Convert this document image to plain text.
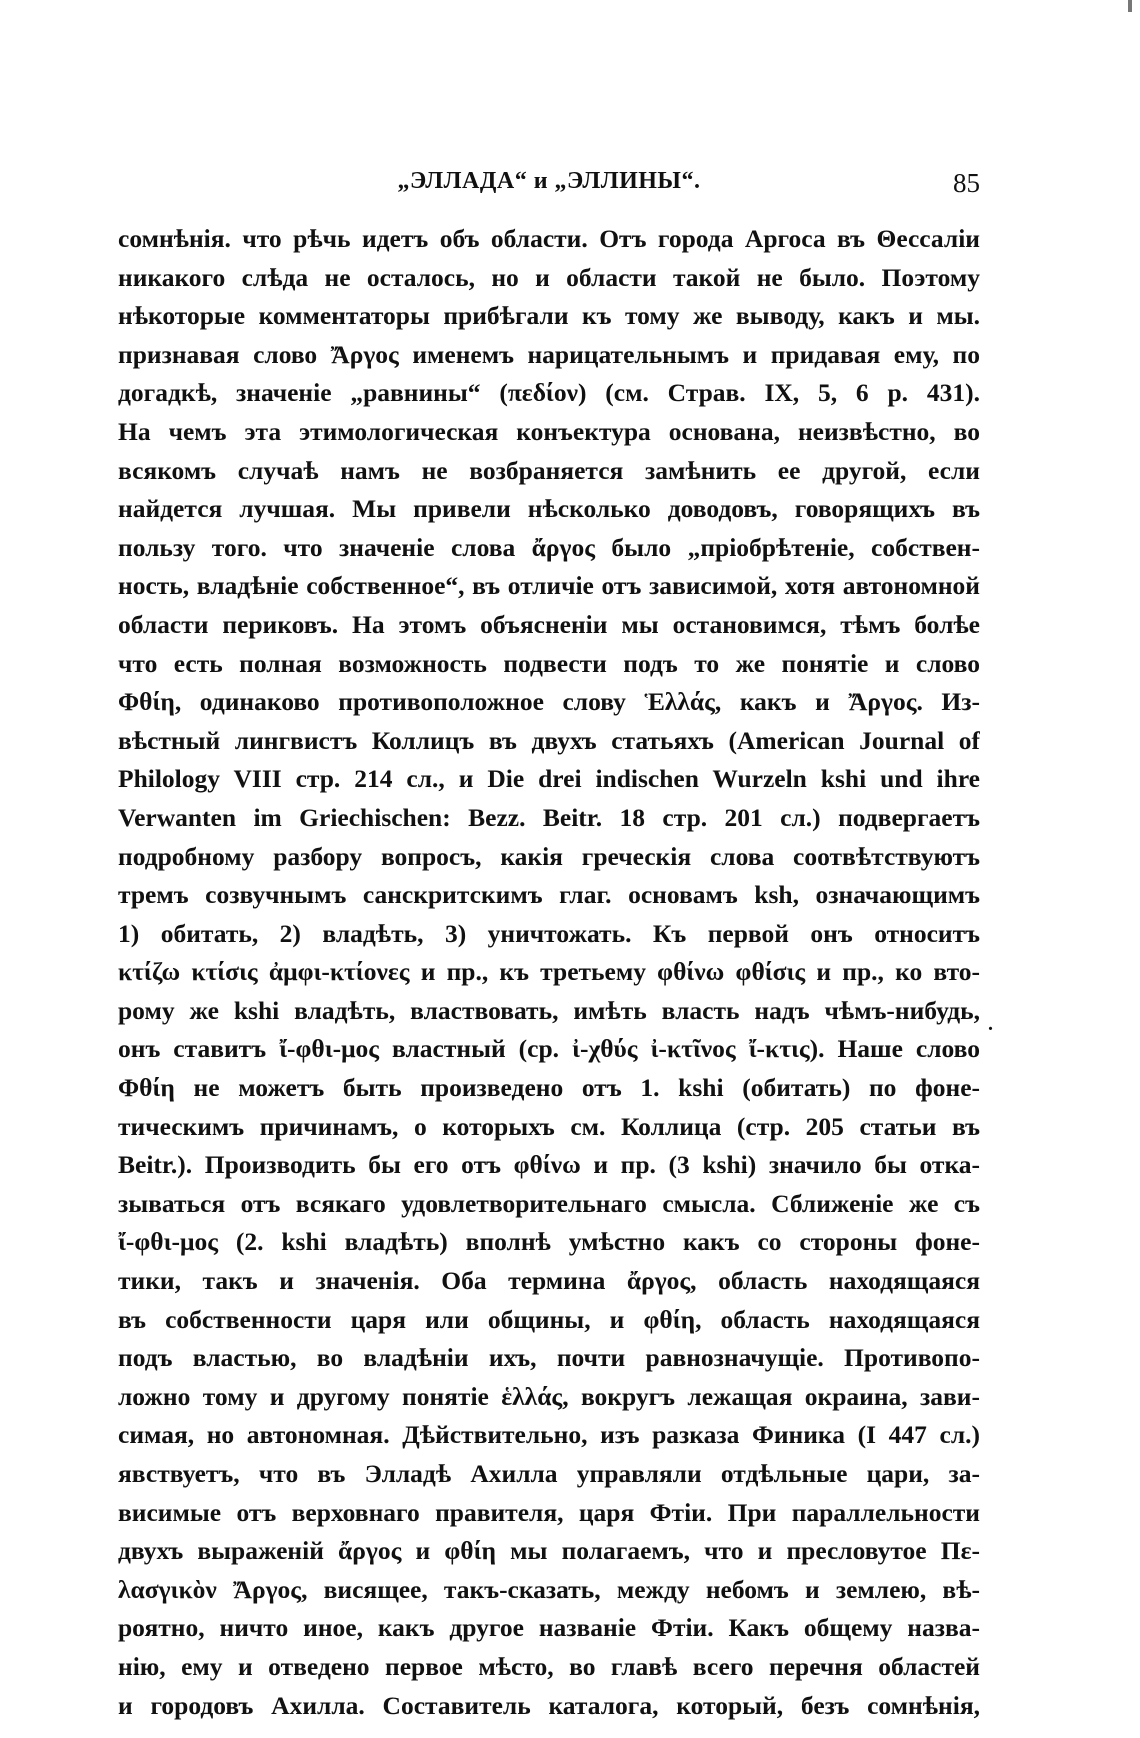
„ЭЛЛАДА“ и „ЭЛЛИНЫ“.	85
сомнѣнія. что рѣчь идетъ объ области. Отъ города Аргоса въ Θессаліи
никакого слѣда не осталось, но и области такой не было. Поэтому
нѣкоторые комментаторы прибѣгали къ тому же выводу, какъ и мы.
признавая слово Ἄργος именемъ нарицательнымъ и придавая ему, по
догадкѣ, значеніе „равнины“ (πεδίον) (см. Страв. IX, 5, 6 p. 431).
На чемъ эта этимологическая конъектура основана, неизвѣстно, во
всякомъ случаѣ намъ не возбраняется замѣнить ее другой, если
найдется лучшая. Мы привели нѣсколько доводовъ, говорящихъ въ
пользу того. что значеніе слова ἄργος было „пріобрѣтеніе, собствен-
ность, владѣніе собственное“, въ отличіе отъ зависимой, хотя автономной
области периковъ. На этомъ объясненіи мы остановимся, тѣмъ болѣе
что есть полная возможность подвести подъ то же понятіе и слово
Φθίη, одинаково противоположное слову Ἑλλάς, какъ и Ἄργος. Из-
вѣстный лингвистъ Коллицъ въ двухъ статьяхъ (American Journal of
Philology VIII стр. 214 сл., и Die drei indischen Wurzeln kshi und ihre
Verwanten im Griechischen: Bezz. Beitr. 18 стр. 201 сл.) подвергаетъ
подробному разбору вопросъ, какія греческія слова соотвѣтствуютъ
тремъ созвучнымъ санскритскимъ глаг. основамъ ksh, означающимъ
1) обитать, 2) владѣть, 3) уничтожать. Къ первой онъ относитъ
κτίζω κτίσις ἀμφι-κτίονες и пр., къ третьему φθίνω φθίσις и пр., ко вто-
рому же kshi владѣть, властвовать, имѣть власть надъ чѣмъ-нибудь,
онъ ставитъ ἴ-φθι-μος властный (ср. ἰ-χθύς ἰ-κτῖνος ἴ-κτις). Наше слово
Φθίη не можетъ быть произведено отъ 1. kshi (обитать) по фоне-
тическимъ причинамъ, о которыхъ см. Коллица (стр. 205 статьи въ
Beitr.). Производить бы его отъ φθίνω и пр. (3 kshi) значило бы отка-
зываться отъ всякаго удовлетворительнаго смысла. Сближеніе же съ
ἴ-φθι-μος (2. kshi владѣть) вполнѣ умѣстно какъ со стороны фоне-
тики, такъ и значенія. Оба термина ἄργος, область находящаяся
въ собственности царя или общины, и φθίη, область находящаяся
подъ властью, во владѣніи ихъ, почти равнозначущіе. Противопо-
ложно тому и другому понятіе ἑλλάς, вокругъ лежащая окраина, зави-
симая, но автономная. Дѣйствительно, изъ разказа Финика (I 447 сл.)
явствуетъ, что въ Элладѣ Ахилла управляли отдѣльные цари, за-
висимые отъ верховнаго правителя, царя Фтіи. При параллельности
двухъ выраженій ἄργος и φθίη мы полагаемъ, что и пресловутое Πε-
λασγικὸν Ἄργος, висящее, такъ-сказать, между небомъ и землею, вѣ-
роятно, ничто иное, какъ другое названіе Фтіи. Какъ общему назва-
нію, ему и отведено первое мѣсто, во главѣ всего перечня областей
и городовъ Ахилла. Составитель каталога, который, безъ сомнѣнія,
.
